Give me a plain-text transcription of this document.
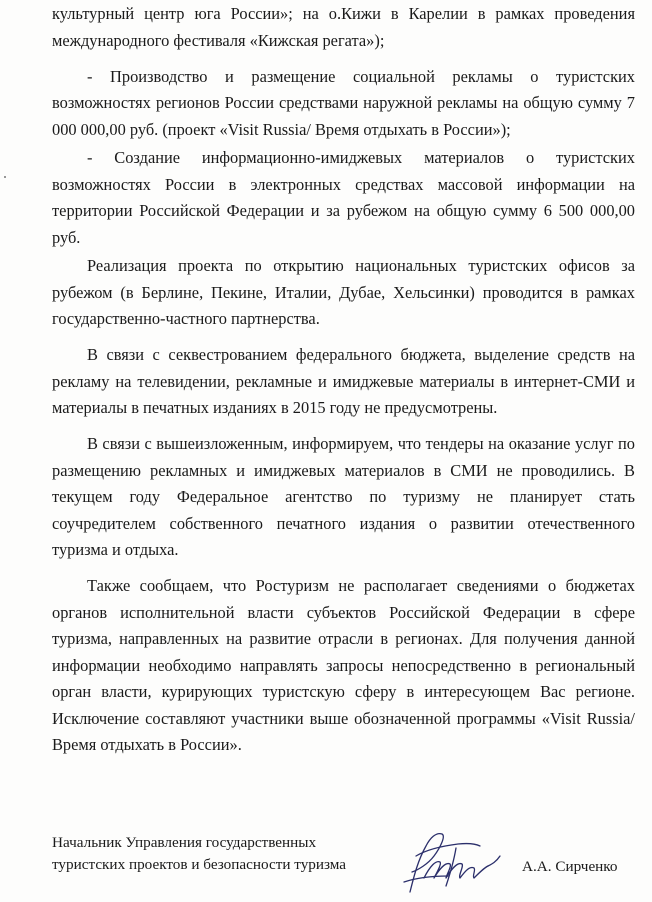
культурный центр юга России»; на о.Кижи в Карелии в рамках проведения международного фестиваля «Кижская регата»);

- Производство и размещение социальной рекламы о туристских возможностях регионов России средствами наружной рекламы на общую сумму 7 000 000,00 руб. (проект «Visit Russia/ Время отдыхать в России»);

- Создание информационно-имиджевых материалов о туристских возможностях России в электронных средствах массовой информации на территории Российской Федерации и за рубежом на общую сумму 6 500 000,00 руб.

Реализация проекта по открытию национальных туристских офисов за рубежом (в Берлине, Пекине, Италии, Дубае, Хельсинки) проводится в рамках государственно-частного партнерства.

В связи с секвестрованием федерального бюджета, выделение средств на рекламу на телевидении, рекламные и имиджевые материалы в интернет-СМИ и материалы в печатных изданиях в 2015 году не предусмотрены.

В связи с вышеизложенным, информируем, что тендеры на оказание услуг по размещению рекламных и имиджевых материалов в СМИ не проводились. В текущем году Федеральное агентство по туризму не планирует стать соучредителем собственного печатного издания о развитии отечественного туризма и отдыха.

Также сообщаем, что Ростуризм не располагает сведениями о бюджетах органов исполнительной власти субъектов Российской Федерации в сфере туризма, направленных на развитие отрасли в регионах. Для получения данной информации необходимо направлять запросы непосредственно в региональный орган власти, курирующих туристскую сферу в интересующем Вас регионе. Исключение составляют участники выше обозначенной программы «Visit Russia/ Время отдыхать в России».

Начальник Управления государственных
туристских проектов и безопасности туризма	А.А. Сирченко
